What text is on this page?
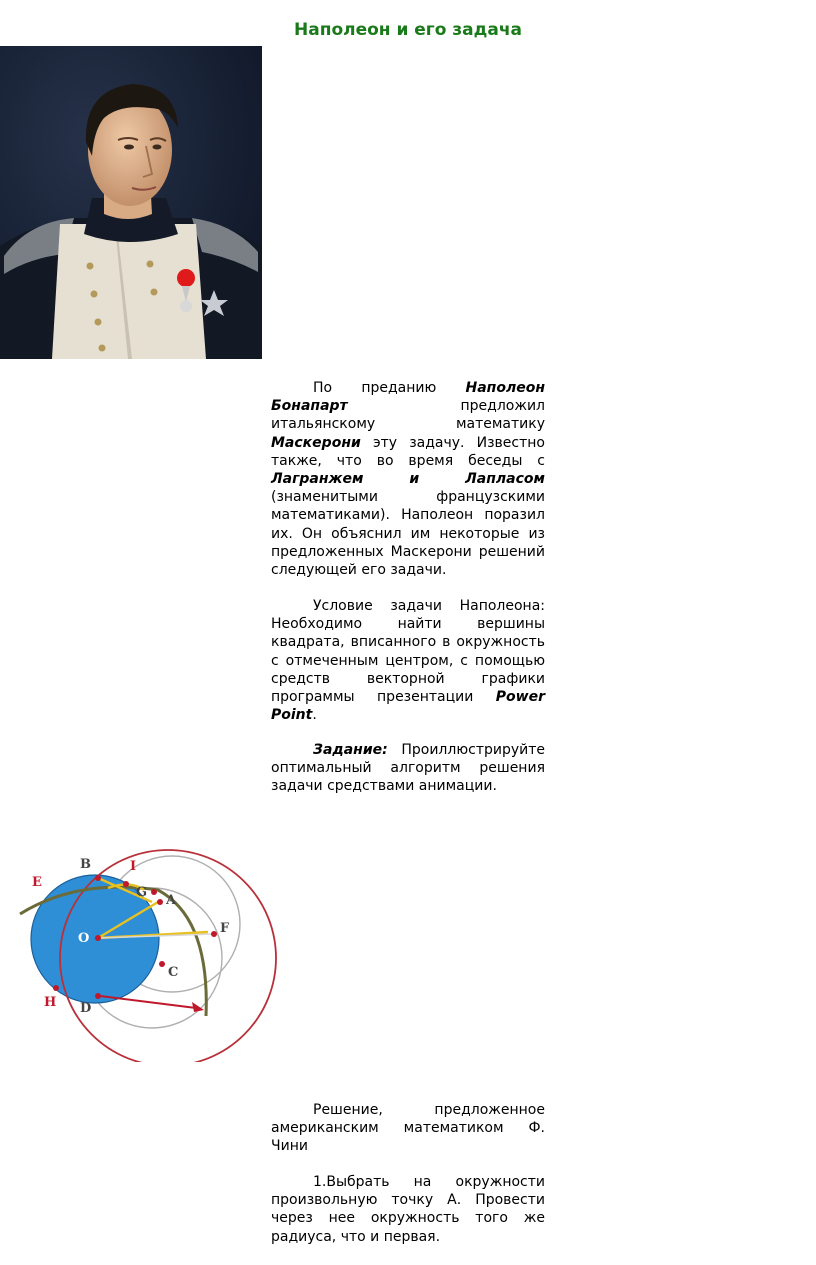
Наполеон и его задача

По преданию Наполеон Бонапарт предложил итальянскому математику Маскерони эту задачу. Известно также, что во время беседы с Лагранжем и Лапласом (знаменитыми французскими математиками). Наполеон поразил их. Он объяснил им некоторые из предложенных Маскерони решений следующей его задачи.

Условие задачи Наполеона: Необходимо найти вершины квадрата, вписанного в окружность с отмеченным центром, с помощью средств векторной графики программы презентации Power Point.

Задание: Проиллюстрируйте оптимальный алгоритм решения задачи средствами анимации.

E
B	I
G
A
O
F
C
H D

Решение, предложенное американским математиком Ф. Чини

1.Выбрать на окружности произвольную точку А. Провести через нее окружность того же радиуса, что и первая.
